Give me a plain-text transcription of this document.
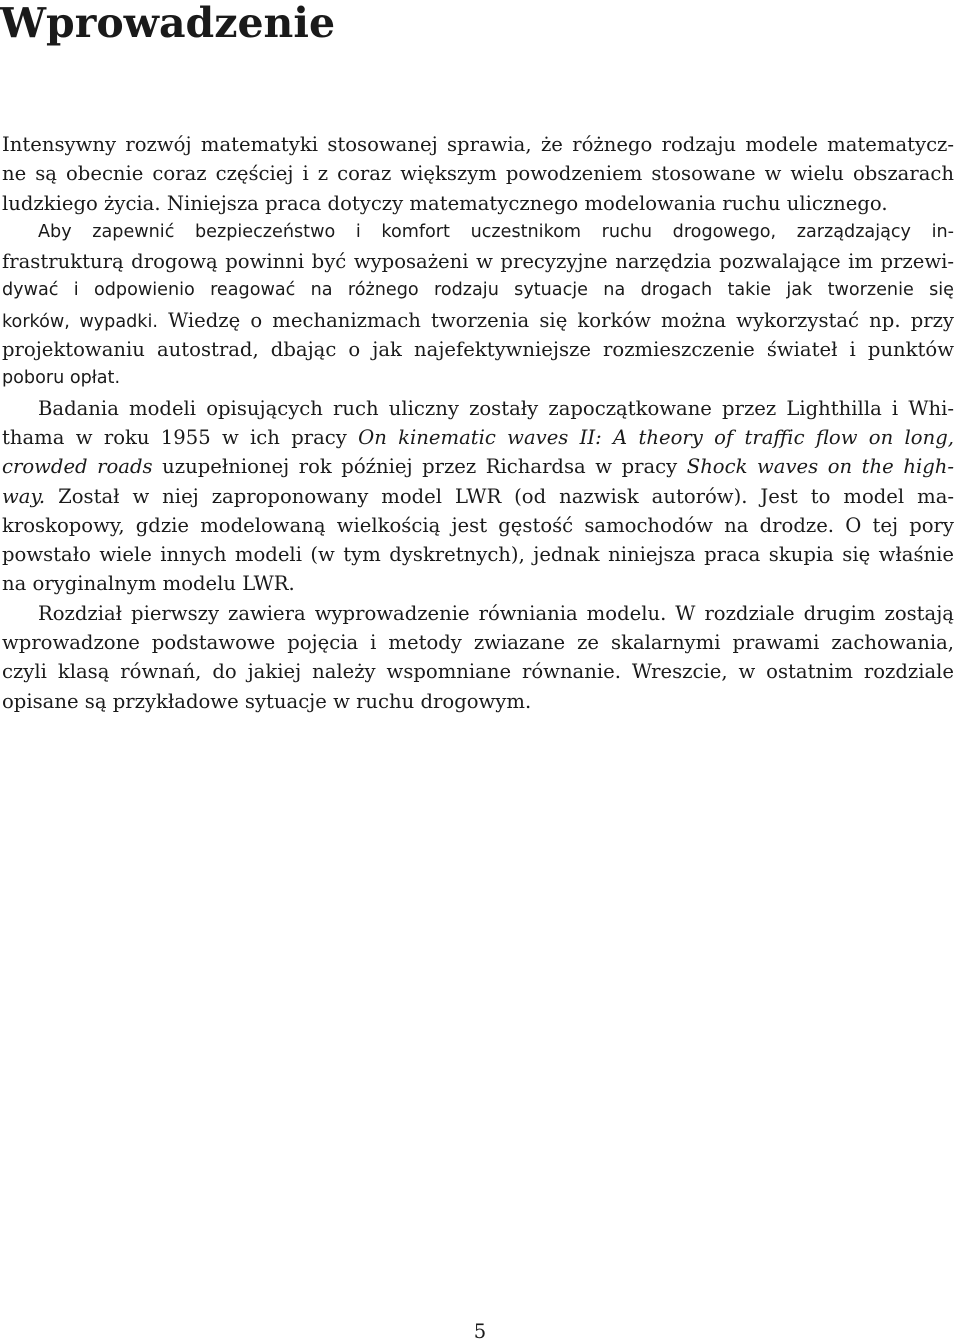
Wprowadzenie
Intensywny rozwój matematyki stosowanej sprawia, że różnego rodzaju modele matematycz-
ne są obecnie coraz częściej i z coraz większym powodzeniem stosowane w wielu obszarach
ludzkiego życia. Niniejsza praca dotyczy matematycznego modelowania ruchu ulicznego.
Aby zapewnić bezpieczeństwo i komfort uczestnikom ruchu drogowego, zarządzający in-
frastrukturą drogową powinni być wyposażeni w precyzyjne narzędzia pozwalające im przewi-
dywać i odpowienio reagować na różnego rodzaju sytuacje na drogach takie jak tworzenie się
korków, wypadki. Wiedzę o mechanizmach tworzenia się korków można wykorzystać np. przy
projektowaniu autostrad, dbając o jak najefektywniejsze rozmieszczenie świateł i punktów
poboru opłat.
Badania modeli opisujących ruch uliczny zostały zapoczątkowane przez Lighthilla i Whi-
thama w roku 1955 w ich pracy On kinematic waves II: A theory of traffic flow on long,
crowded roads uzupełnionej rok później przez Richardsa w pracy Shock waves on the high-
way. Został w niej zaproponowany model LWR (od nazwisk autorów). Jest to model ma-
kroskopowy, gdzie modelowaną wielkością jest gęstość samochodów na drodze. O tej pory
powstało wiele innych modeli (w tym dyskretnych), jednak niniejsza praca skupia się właśnie
na oryginalnym modelu LWR.
Rozdział pierwszy zawiera wyprowadzenie równiania modelu. W rozdziale drugim zostają
wprowadzone podstawowe pojęcia i metody zwiazane ze skalarnymi prawami zachowania,
czyli klasą równań, do jakiej należy wspomniane równanie. Wreszcie, w ostatnim rozdziale
opisane są przykładowe sytuacje w ruchu drogowym.
5
